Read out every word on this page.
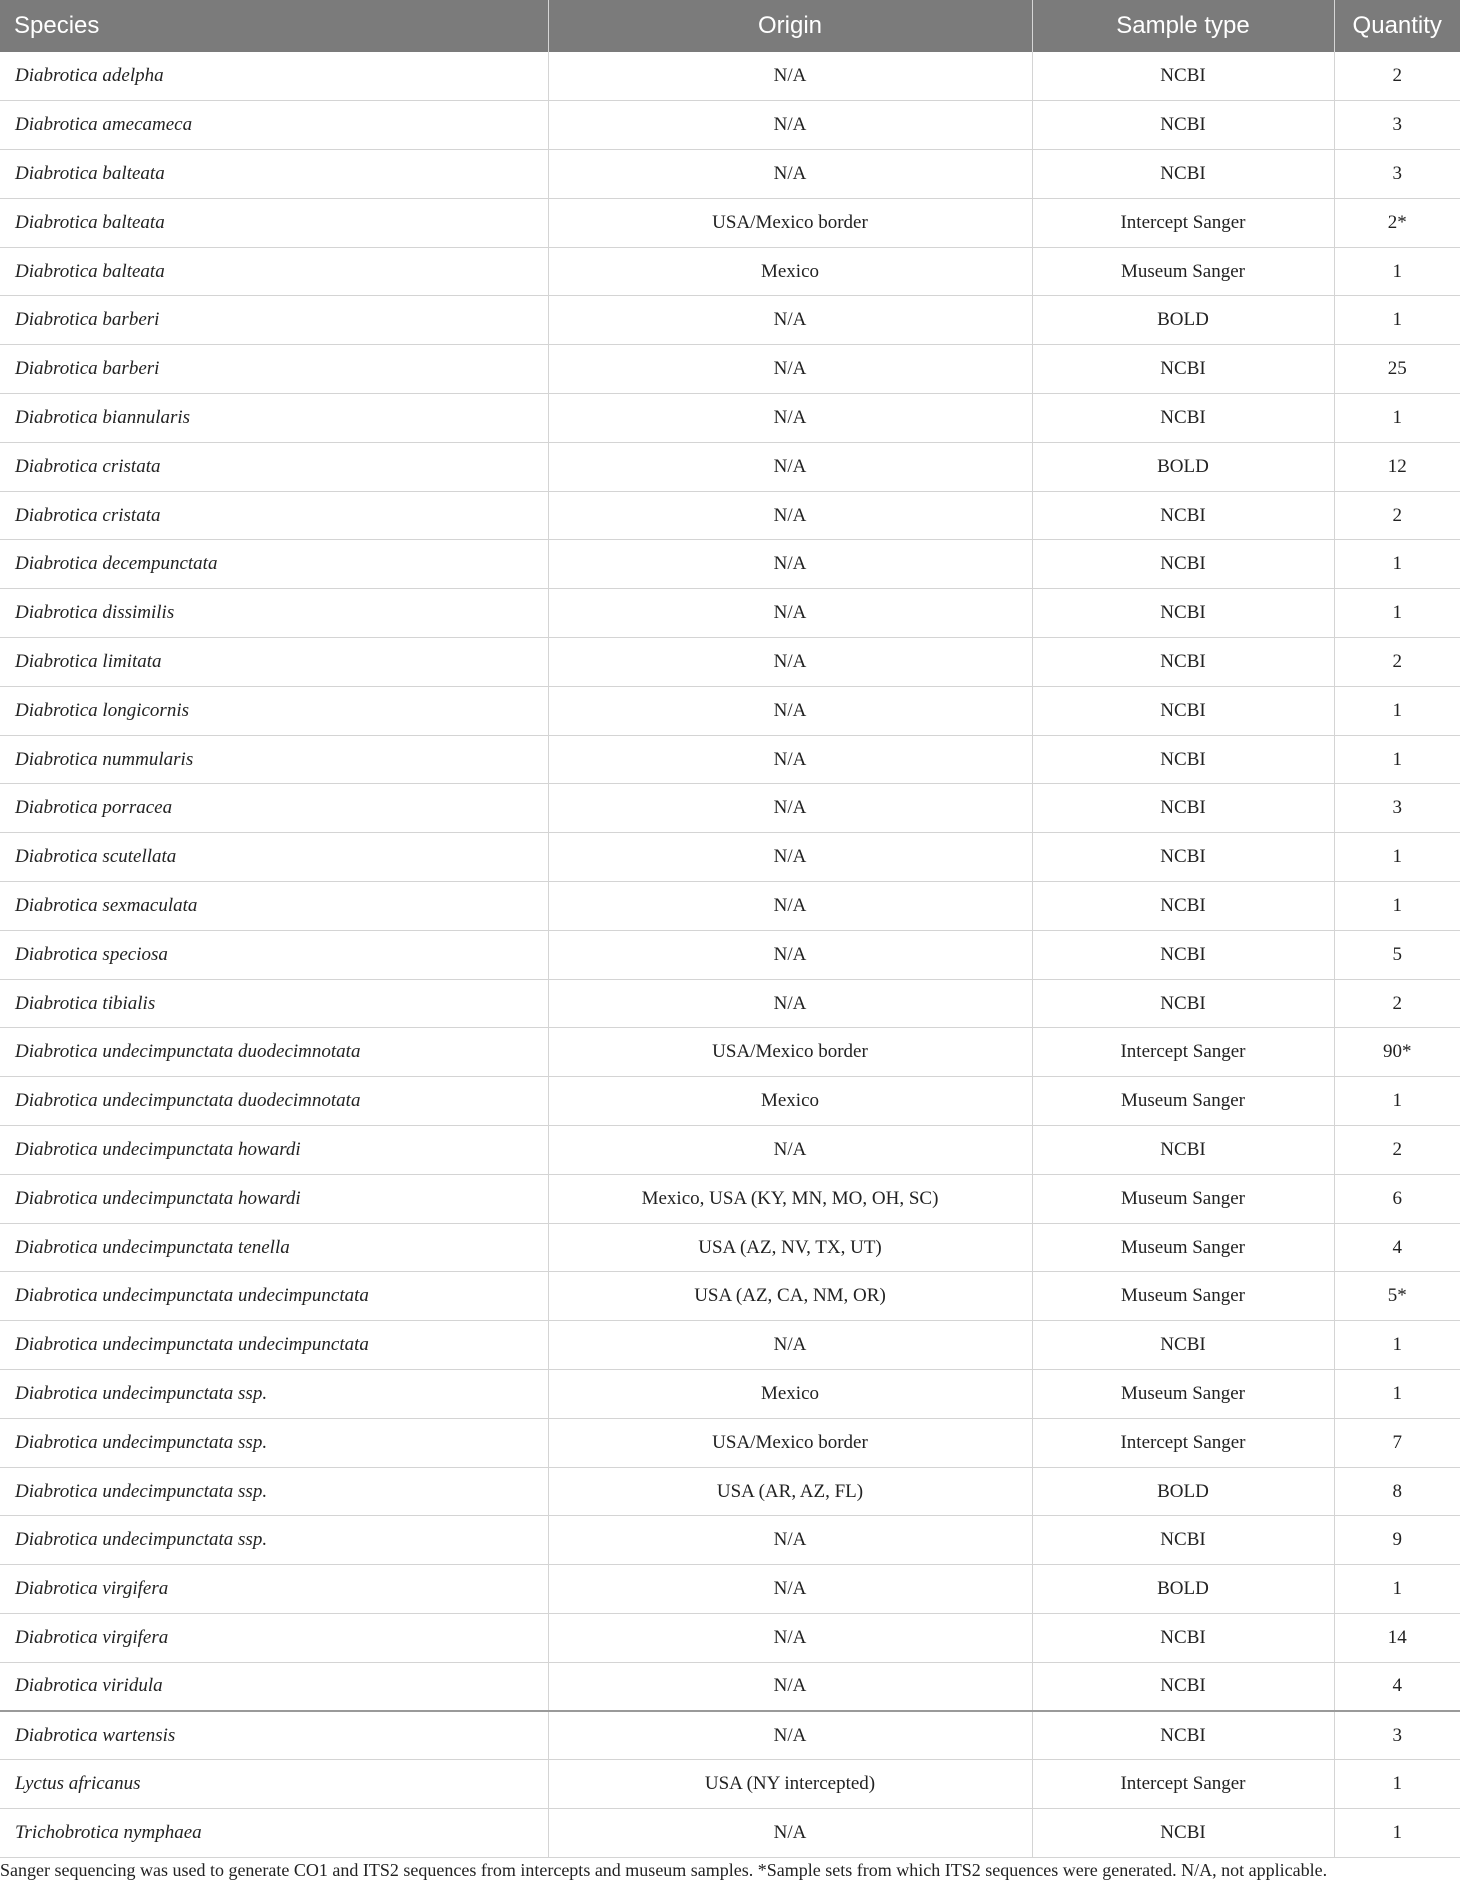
Species	Origin	Sample type	Quantity
Diabrotica adelpha	N/A	NCBI	2
Diabrotica amecameca	N/A	NCBI	3
Diabrotica balteata	N/A	NCBI	3
Diabrotica balteata	USA/Mexico border	Intercept Sanger	2*
Diabrotica balteata	Mexico	Museum Sanger	1
Diabrotica barberi	N/A	BOLD	1
Diabrotica barberi	N/A	NCBI	25
Diabrotica biannularis	N/A	NCBI	1
Diabrotica cristata	N/A	BOLD	12
Diabrotica cristata	N/A	NCBI	2
Diabrotica decempunctata	N/A	NCBI	1
Diabrotica dissimilis	N/A	NCBI	1
Diabrotica limitata	N/A	NCBI	2
Diabrotica longicornis	N/A	NCBI	1
Diabrotica nummularis	N/A	NCBI	1
Diabrotica porracea	N/A	NCBI	3
Diabrotica scutellata	N/A	NCBI	1
Diabrotica sexmaculata	N/A	NCBI	1
Diabrotica speciosa	N/A	NCBI	5
Diabrotica tibialis	N/A	NCBI	2
Diabrotica undecimpunctata duodecimnotata	USA/Mexico border	Intercept Sanger	90*
Diabrotica undecimpunctata duodecimnotata	Mexico	Museum Sanger	1
Diabrotica undecimpunctata howardi	N/A	NCBI	2
Diabrotica undecimpunctata howardi	Mexico, USA (KY, MN, MO, OH, SC)	Museum Sanger	6
Diabrotica undecimpunctata tenella	USA (AZ, NV, TX, UT)	Museum Sanger	4
Diabrotica undecimpunctata undecimpunctata	USA (AZ, CA, NM, OR)	Museum Sanger	5*
Diabrotica undecimpunctata undecimpunctata	N/A	NCBI	1
Diabrotica undecimpunctata ssp.	Mexico	Museum Sanger	1
Diabrotica undecimpunctata ssp.	USA/Mexico border	Intercept Sanger	7
Diabrotica undecimpunctata ssp.	USA (AR, AZ, FL)	BOLD	8
Diabrotica undecimpunctata ssp.	N/A	NCBI	9
Diabrotica virgifera	N/A	BOLD	1
Diabrotica virgifera	N/A	NCBI	14
Diabrotica viridula	N/A	NCBI	4
Diabrotica wartensis	N/A	NCBI	3
Lyctus africanus	USA (NY intercepted)	Intercept Sanger	1
Trichobrotica nymphaea	N/A	NCBI	1
Sanger sequencing was used to generate CO1 and ITS2 sequences from intercepts and museum samples. *Sample sets from which ITS2 sequences were generated. N/A, not applicable.
